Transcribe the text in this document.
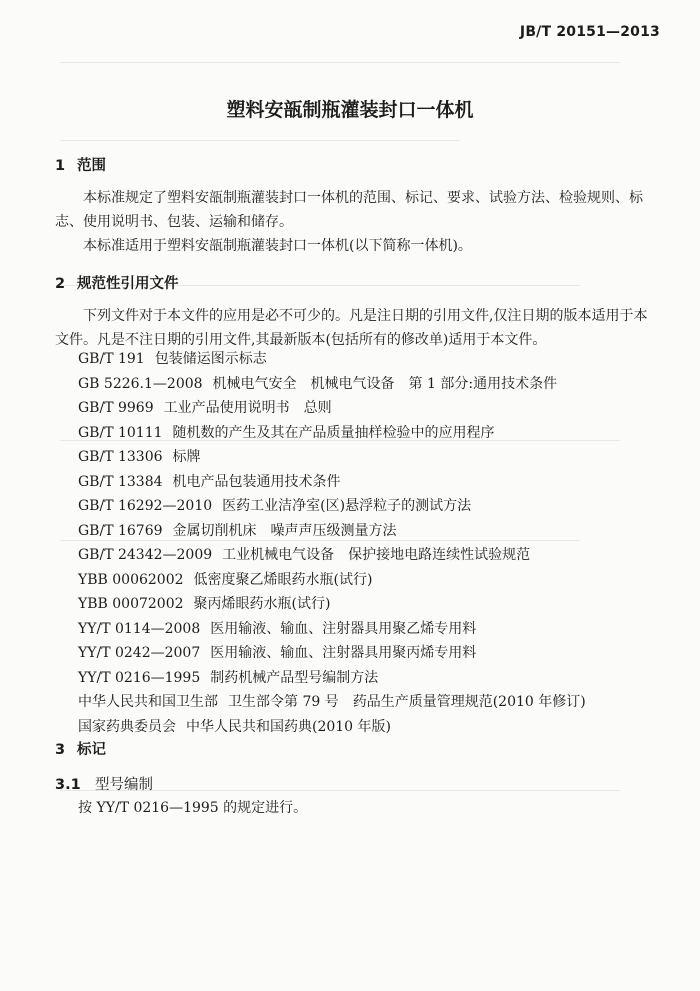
JB/T 20151—2013
塑料安瓿制瓶灌装封口一体机
1 范围
本标准规定了塑料安瓿制瓶灌装封口一体机的范围、标记、要求、试验方法、检验规则、标志、使用说明书、包装、运输和储存。
本标准适用于塑料安瓿制瓶灌装封口一体机(以下简称一体机)。
2 规范性引用文件
下列文件对于本文件的应用是必不可少的。凡是注日期的引用文件,仅注日期的版本适用于本文件。凡是不注日期的引用文件,其最新版本(包括所有的修改单)适用于本文件。
GB/T 191 包装储运图示标志
GB 5226.1—2008 机械电气安全　机械电气设备　第 1 部分:通用技术条件
GB/T 9969 工业产品使用说明书　总则
GB/T 10111 随机数的产生及其在产品质量抽样检验中的应用程序
GB/T 13306 标牌
GB/T 13384 机电产品包装通用技术条件
GB/T 16292—2010 医药工业洁净室(区)悬浮粒子的测试方法
GB/T 16769 金属切削机床　噪声声压级测量方法
GB/T 24342—2009 工业机械电气设备　保护接地电路连续性试验规范
YBB 00062002 低密度聚乙烯眼药水瓶(试行)
YBB 00072002 聚丙烯眼药水瓶(试行)
YY/T 0114—2008 医用输液、输血、注射器具用聚乙烯专用料
YY/T 0242—2007 医用输液、输血、注射器具用聚丙烯专用料
YY/T 0216—1995 制药机械产品型号编制方法
中华人民共和国卫生部 卫生部令第 79 号　药品生产质量管理规范(2010 年修订)
国家药典委员会 中华人民共和国药典(2010 年版)
3 标记
3.1 型号编制
按 YY/T 0216—1995 的规定进行。
